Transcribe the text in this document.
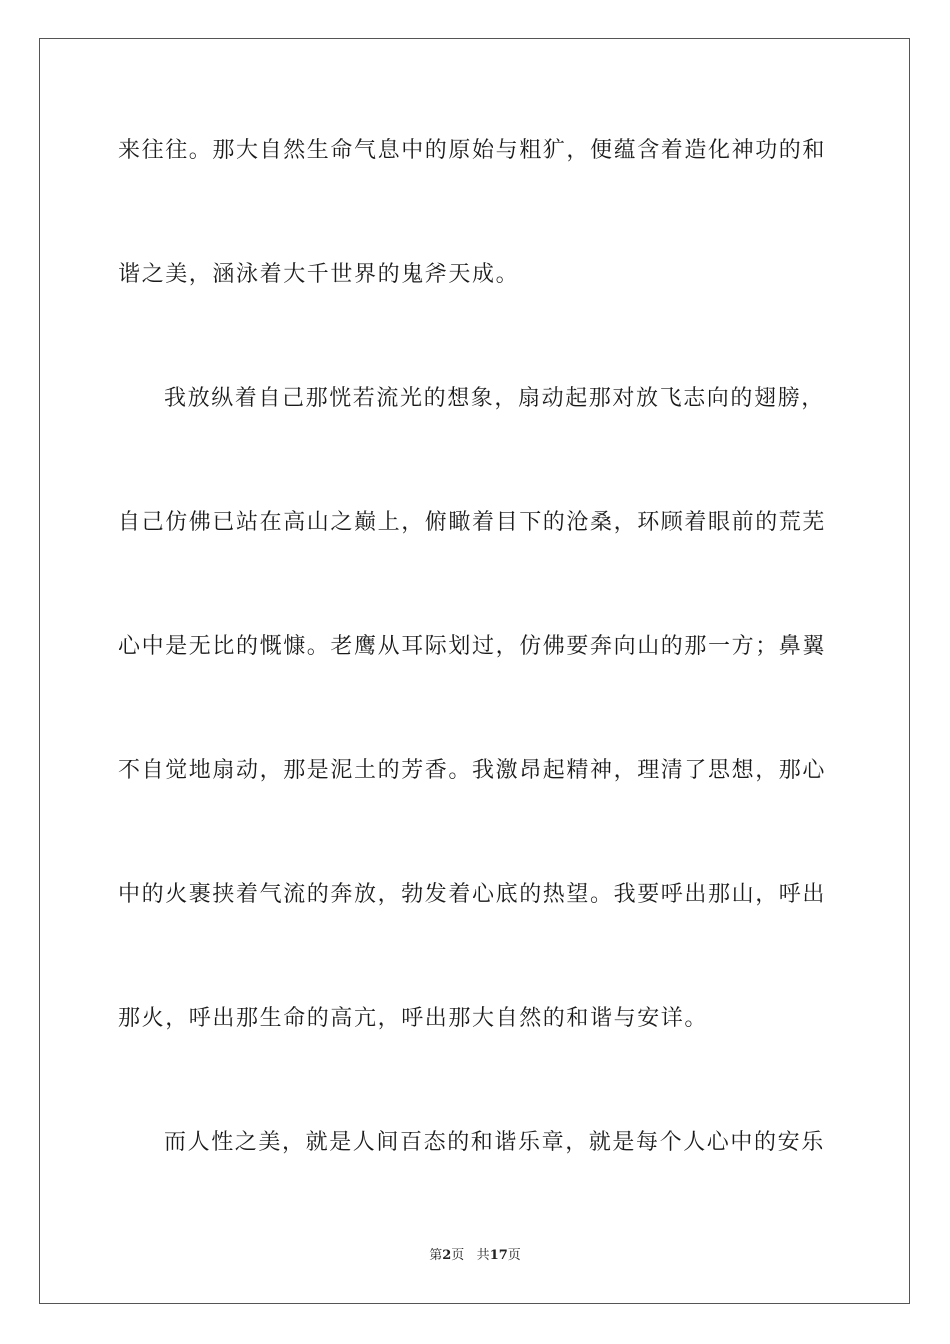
来往往。那大自然生命气息中的原始与粗犷，便蕴含着造化神功的和
谐之美，涵泳着大千世界的鬼斧天成。
我放纵着自己那恍若流光的想象，扇动起那对放飞志向的翅膀，
自己仿佛已站在高山之巅上，俯瞰着目下的沧桑，环顾着眼前的荒芜
心中是无比的慨慷。老鹰从耳际划过，仿佛要奔向山的那一方；鼻翼
不自觉地扇动，那是泥土的芳香。我激昂起精神，理清了思想，那心
中的火裹挟着气流的奔放，勃发着心底的热望。我要呼出那山，呼出
那火，呼出那生命的高亢，呼出那大自然的和谐与安详。
而人性之美，就是人间百态的和谐乐章，就是每个人心中的安乐
第2页 共17页
